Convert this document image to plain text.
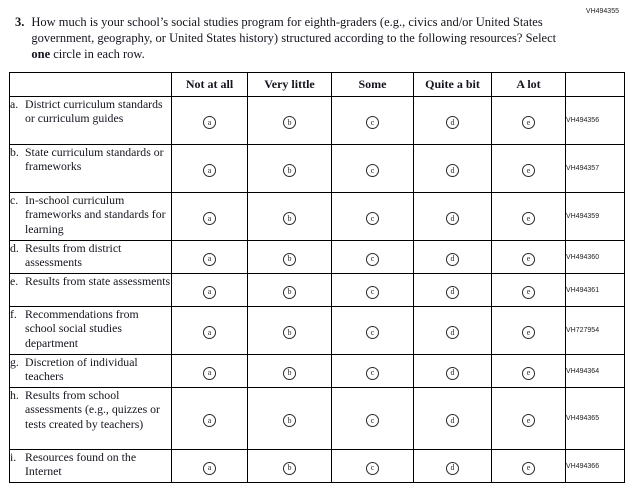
VH494355
3. How much is your school’s social studies program for eighth-graders (e.g., civics and/or United States government, geography, or United States history) structured according to the following resources? Select one circle in each row.
	Not at all	Very little	Some	Quite a bit	A lot	

a. District curriculum standards or curriculum guides	a	b	c	d	e	VH494356

b. State curriculum standards or frameworks	a	b	c	d	e	VH494357

c. In-school curriculum frameworks and standards for learning	a	b	c	d	e	VH494359

d. Results from district assessments	a	b	c	d	e	VH494360

e. Results from state assessments	a	b	c	d	e	VH494361

f. Recommendations from school social studies department	a	b	c	d	e	VH727954

g. Discretion of individual teachers	a	b	c	d	e	VH494364

h. Results from school assessments (e.g., quizzes or tests created by teachers)	a	b	c	d	e	VH494365

i. Resources found on the Internet	a	b	c	d	e	VH494366
